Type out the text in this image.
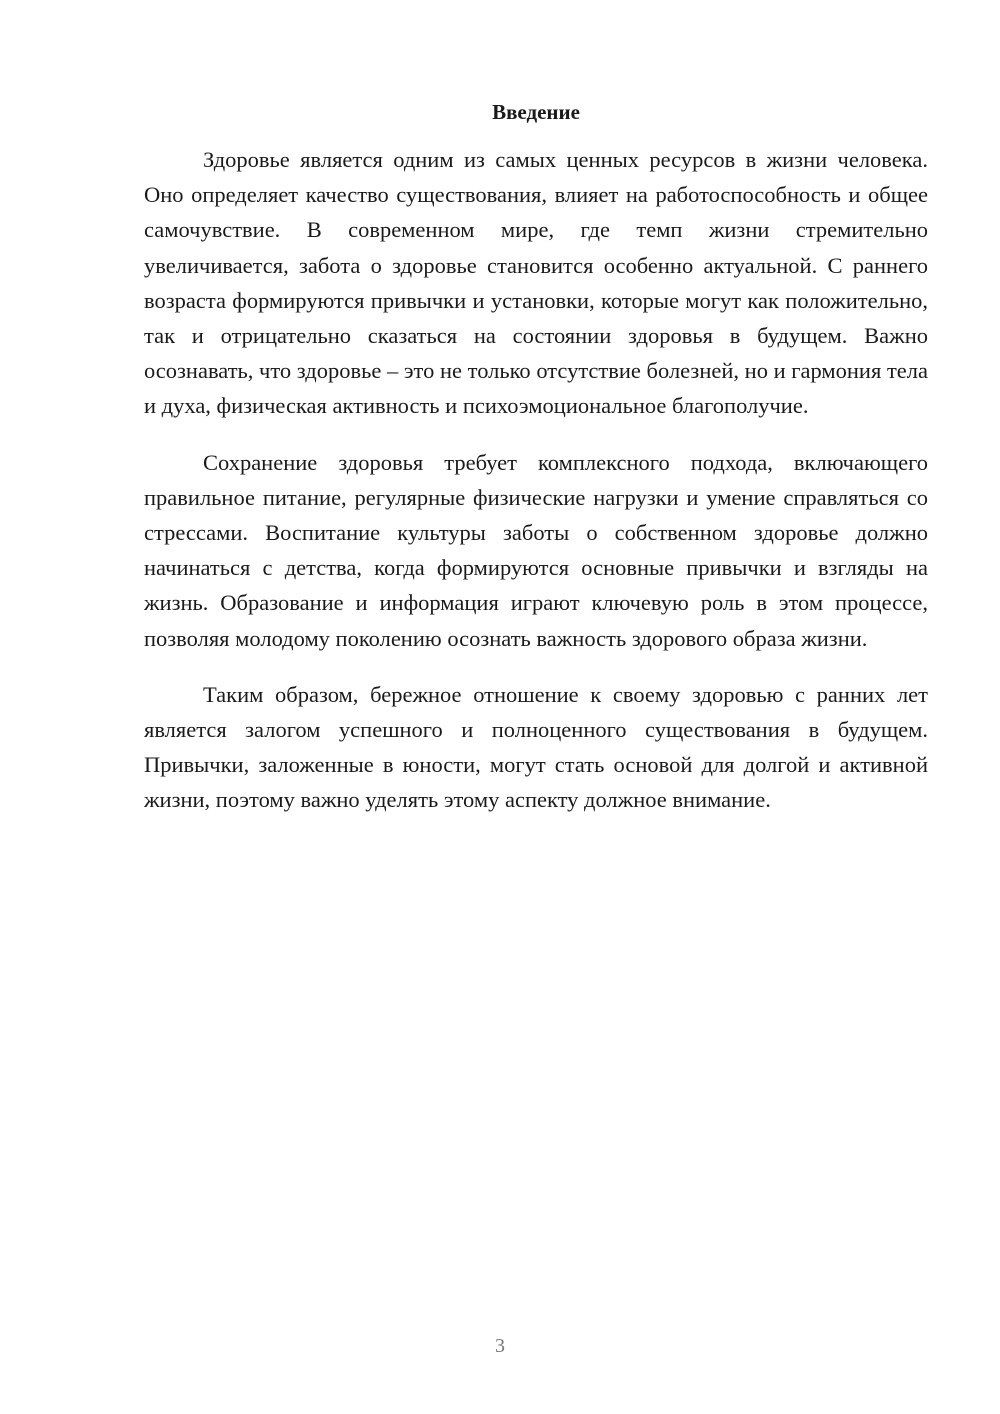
Введение

Здоровье является одним из самых ценных ресурсов в жизни человека. Оно определяет качество существования, влияет на работоспособность и общее самочувствие. В современном мире, где темп жизни стремительно увеличивается, забота о здоровье становится особенно актуальной. С раннего возраста формируются привычки и установки, которые могут как положительно, так и отрицательно сказаться на состоянии здоровья в будущем. Важно осознавать, что здоровье – это не только отсутствие болезней, но и гармония тела и духа, физическая активность и психоэмоциональное благополучие.

Сохранение здоровья требует комплексного подхода, включающего правильное питание, регулярные физические нагрузки и умение справляться со стрессами. Воспитание культуры заботы о собственном здоровье должно начинаться с детства, когда формируются основные привычки и взгляды на жизнь. Образование и информация играют ключевую роль в этом процессе, позволяя молодому поколению осознать важность здорового образа жизни.

Таким образом, бережное отношение к своему здоровью с ранних лет является залогом успешного и полноценного существования в будущем. Привычки, заложенные в юности, могут стать основой для долгой и активной жизни, поэтому важно уделять этому аспекту должное внимание.

3
